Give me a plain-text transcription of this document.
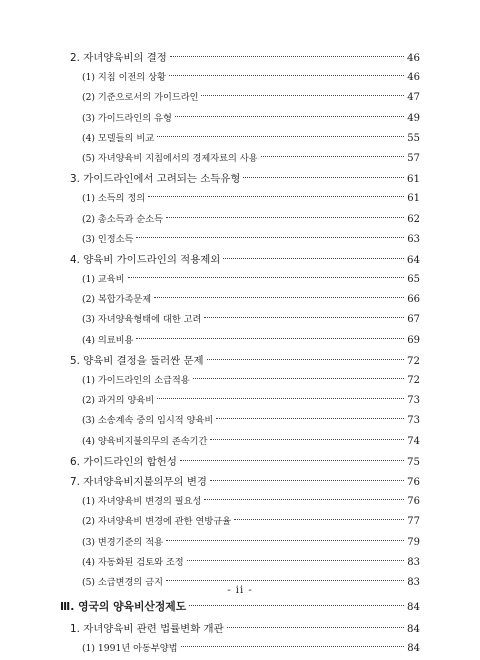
2. 자녀양육비의 결정	46
(1) 지침 이전의 상황	46
(2) 기준으로서의 가이드라인	47
(3) 가이드라인의 유형	49
(4) 모델들의 비교	55
(5) 자녀양육비 지침에서의 경제자료의 사용	57
3. 가이드라인에서 고려되는 소득유형	61
(1) 소득의 정의	61
(2) 총소득과 순소득	62
(3) 인정소득	63
4. 양육비 가이드라인의 적용제외	64
(1) 교육비	65
(2) 복합가족문제	66
(3) 자녀양육형태에 대한 고려	67
(4) 의료비용	69
5. 양육비 결정을 둘러싼 문제	72
(1) 가이드라인의 소급적용	72
(2) 과거의 양육비	73
(3) 소송계속 중의 임시적 양육비	73
(4) 양육비지불의무의 존속기간	74
6. 가이드라인의 합헌성	75
7. 자녀양육비지불의무의 변경	76
(1) 자녀양육비 변경의 필요성	76
(2) 자녀양육비 변경에 관한 연방규율	77
(3) 변경기준의 적용	79
(4) 자동화된 검토와 조정	83
(5) 소급변경의 금지	83
Ⅲ. 영국의 양육비산정제도	84
1. 자녀양육비 관련 법률변화 개관	84
(1) 1991년 아동부양법	84
- ii -
